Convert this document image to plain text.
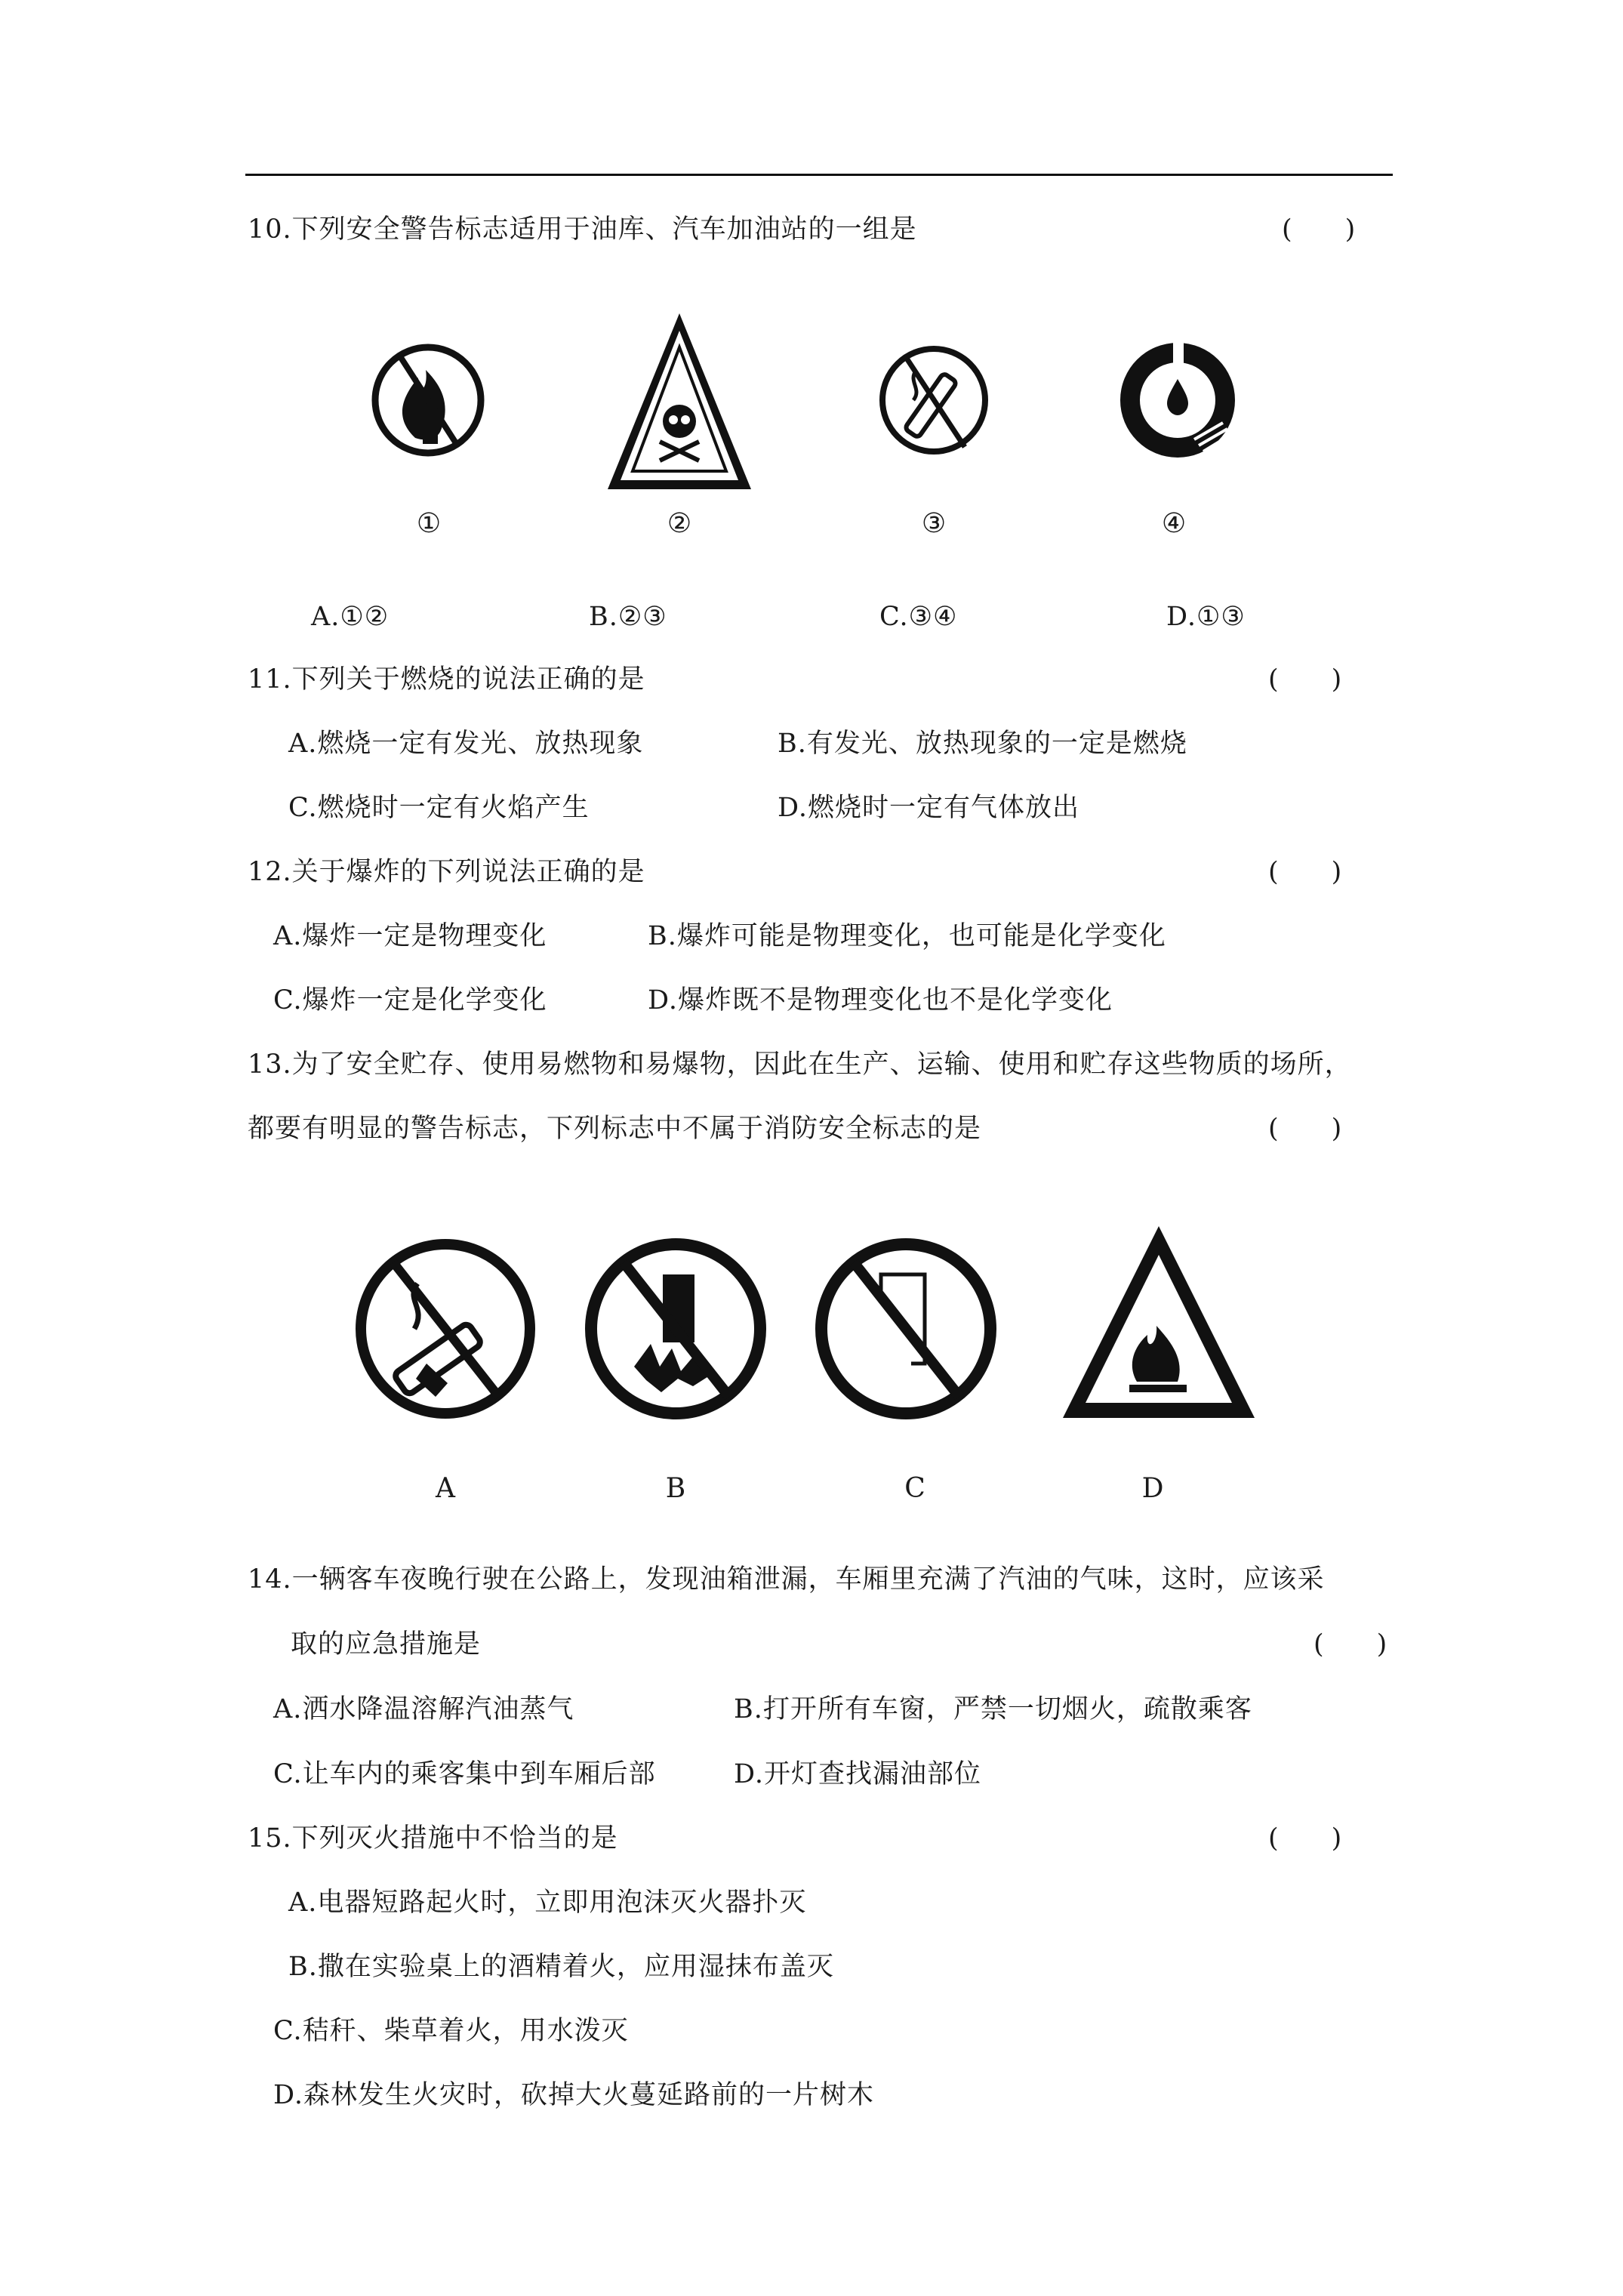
10.下列安全警告标志适用于油库、汽车加油站的一组是	(　　)
①	②	③	④
A.①②	B.②③	C.③④	D.①③
11.下列关于燃烧的说法正确的是	(　　)
A.燃烧一定有发光、放热现象	B.有发光、放热现象的一定是燃烧
C.燃烧时一定有火焰产生	D.燃烧时一定有气体放出
12.关于爆炸的下列说法正确的是	(　　)
A.爆炸一定是物理变化	B.爆炸可能是物理变化，也可能是化学变化
C.爆炸一定是化学变化	D.爆炸既不是物理变化也不是化学变化
13.为了安全贮存、使用易燃物和易爆物，因此在生产、运输、使用和贮存这些物质的场所，
都要有明显的警告标志，下列标志中不属于消防安全标志的是	(　　)
A	B	C	D
14.一辆客车夜晚行驶在公路上，发现油箱泄漏，车厢里充满了汽油的气味，这时，应该采
取的应急措施是	(　　)
A.洒水降温溶解汽油蒸气	B.打开所有车窗，严禁一切烟火，疏散乘客
C.让车内的乘客集中到车厢后部	D.开灯查找漏油部位
15.下列灭火措施中不恰当的是	(　　)
A.电器短路起火时，立即用泡沫灭火器扑灭
B.撒在实验桌上的酒精着火，应用湿抹布盖灭
C.秸秆、柴草着火，用水泼灭
D.森林发生火灾时，砍掉大火蔓延路前的一片树木
